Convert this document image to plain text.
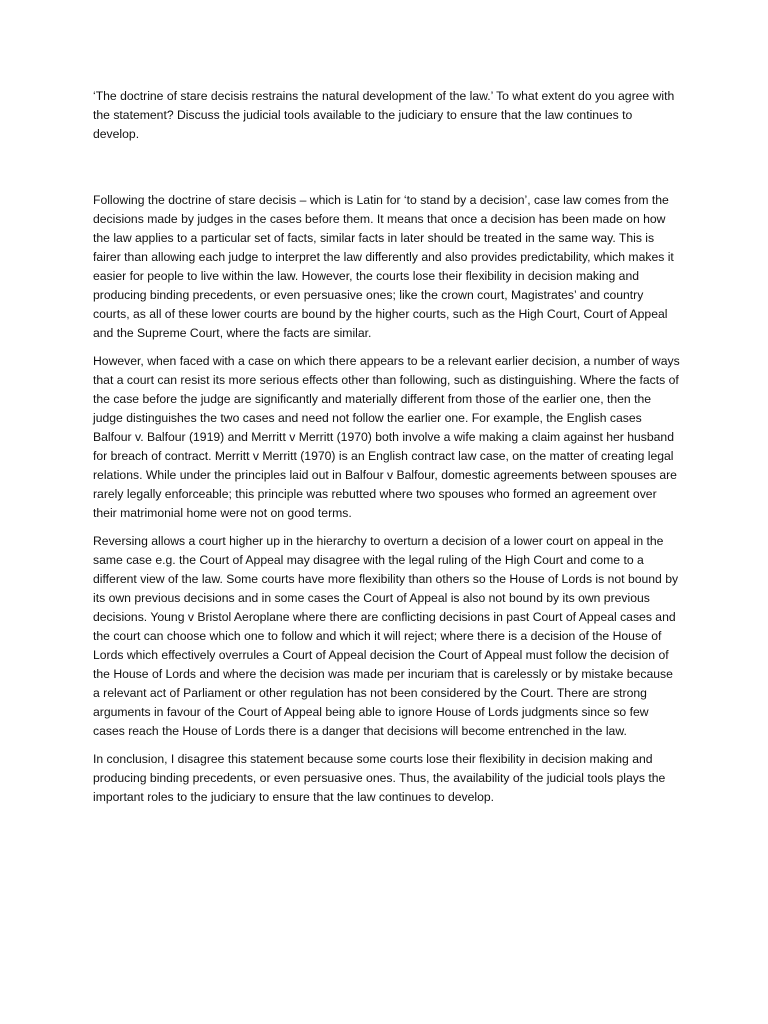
‘The doctrine of stare decisis restrains the natural development of the law.’ To what extent do you agree with the statement? Discuss the judicial tools available to the judiciary to ensure that the law continues to develop.

Following the doctrine of stare decisis – which is Latin for ‘to stand by a decision’, case law comes from the decisions made by judges in the cases before them. It means that once a decision has been made on how the law applies to a particular set of facts, similar facts in later should be treated in the same way. This is fairer than allowing each judge to interpret the law differently and also provides predictability, which makes it easier for people to live within the law. However, the courts lose their flexibility in decision making and producing binding precedents, or even persuasive ones; like the crown court, Magistrates’ and country courts, as all of these lower courts are bound by the higher courts, such as the High Court, Court of Appeal and the Supreme Court, where the facts are similar.

However, when faced with a case on which there appears to be a relevant earlier decision, a number of ways that a court can resist its more serious effects other than following, such as distinguishing. Where the facts of the case before the judge are significantly and materially different from those of the earlier one, then the judge distinguishes the two cases and need not follow the earlier one. For example, the English cases Balfour v. Balfour (1919) and Merritt v Merritt (1970) both involve a wife making a claim against her husband for breach of contract. Merritt v Merritt (1970) is an English contract law case, on the matter of creating legal relations. While under the principles laid out in Balfour v Balfour, domestic agreements between spouses are rarely legally enforceable; this principle was rebutted where two spouses who formed an agreement over their matrimonial home were not on good terms.

Reversing allows a court higher up in the hierarchy to overturn a decision of a lower court on appeal in the same case e.g. the Court of Appeal may disagree with the legal ruling of the High Court and come to a different view of the law. Some courts have more flexibility than others so the House of Lords is not bound by its own previous decisions and in some cases the Court of Appeal is also not bound by its own previous decisions. Young v Bristol Aeroplane where there are conflicting decisions in past Court of Appeal cases and the court can choose which one to follow and which it will reject; where there is a decision of the House of Lords which effectively overrules a Court of Appeal decision the Court of Appeal must follow the decision of the House of Lords and where the decision was made per incuriam that is carelessly or by mistake because a relevant act of Parliament or other regulation has not been considered by the Court. There are strong arguments in favour of the Court of Appeal being able to ignore House of Lords judgments since so few cases reach the House of Lords there is a danger that decisions will become entrenched in the law.

In conclusion, I disagree this statement because some courts lose their flexibility in decision making and producing binding precedents, or even persuasive ones. Thus, the availability of the judicial tools plays the important roles to the judiciary to ensure that the law continues to develop.
